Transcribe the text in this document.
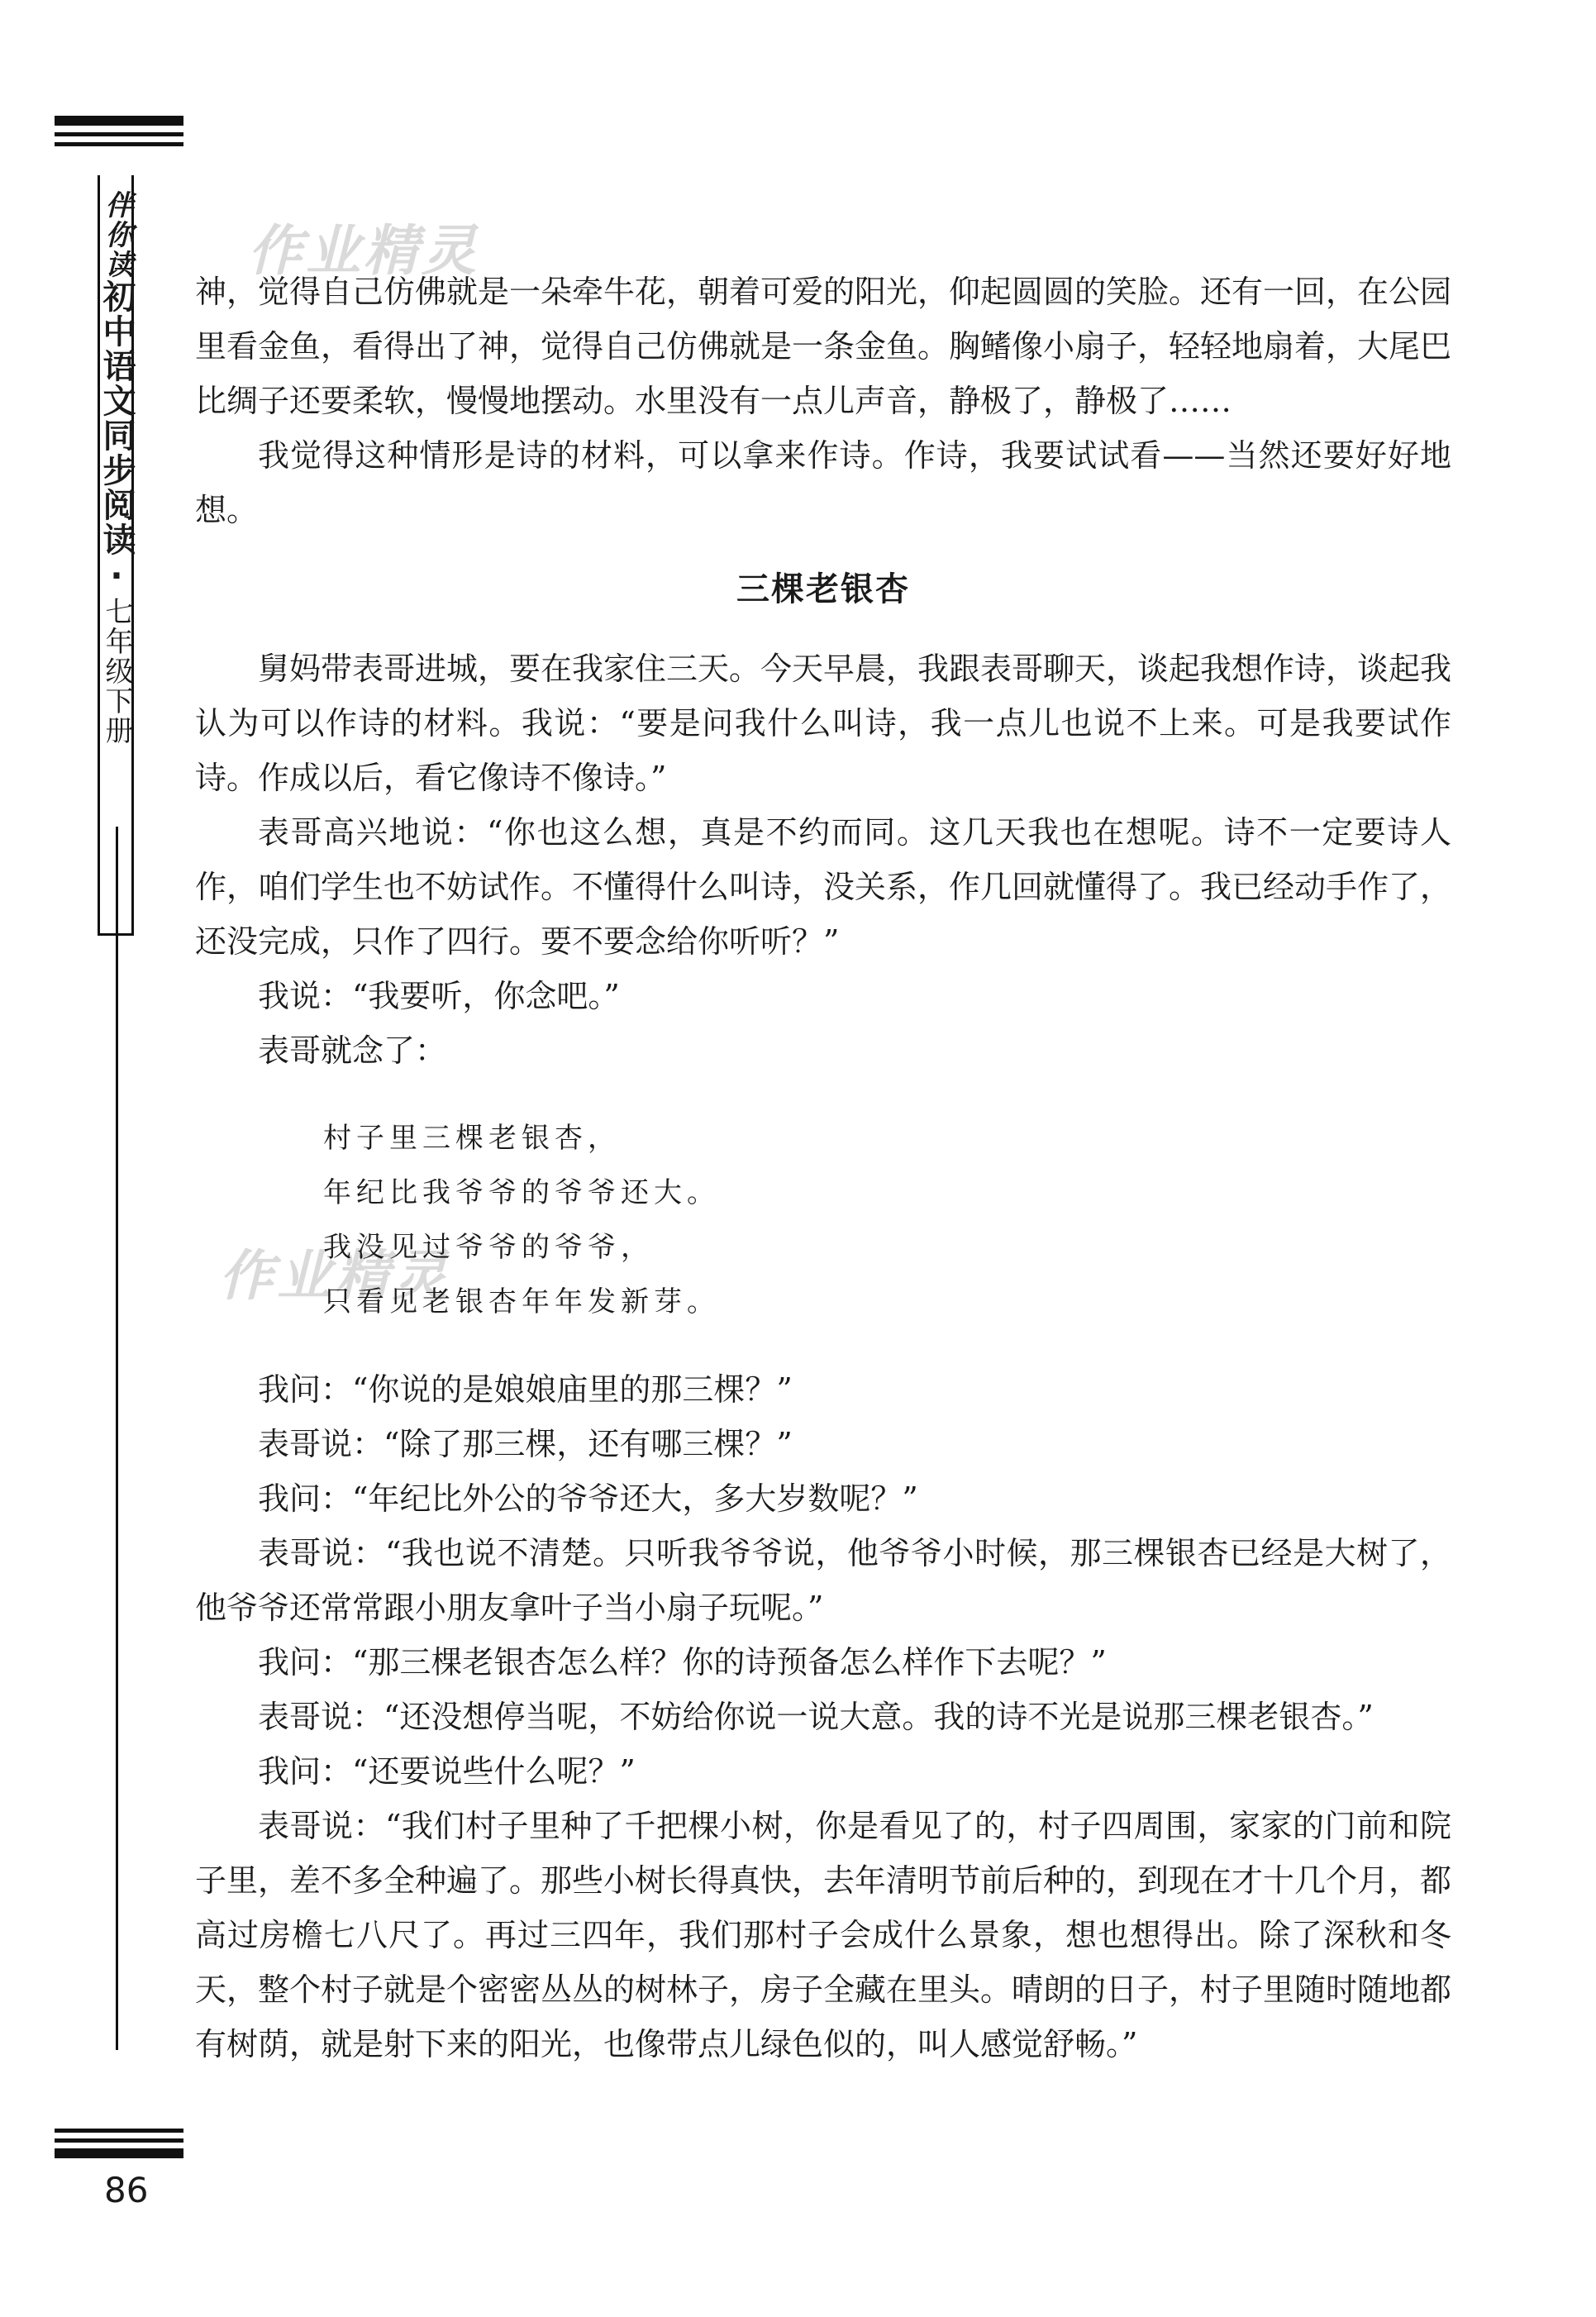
伴你读初中语文同步阅读·七年级下册
作业精灵
作业精灵

神，觉得自己仿佛就是一朵牵牛花，朝着可爱的阳光，仰起圆圆的笑脸。还有一回，在公园里看金鱼，看得出了神，觉得自己仿佛就是一条金鱼。胸鳍像小扇子，轻轻地扇着，大尾巴比绸子还要柔软，慢慢地摆动。水里没有一点儿声音，静极了，静极了……

我觉得这种情形是诗的材料，可以拿来作诗。作诗，我要试试看——当然还要好好地想。

三棵老银杏

舅妈带表哥进城，要在我家住三天。今天早晨，我跟表哥聊天，谈起我想作诗，谈起我认为可以作诗的材料。我说：“要是问我什么叫诗，我一点儿也说不上来。可是我要试作诗。作成以后，看它像诗不像诗。”

表哥高兴地说：“你也这么想，真是不约而同。这几天我也在想呢。诗不一定要诗人作，咱们学生也不妨试作。不懂得什么叫诗，没关系，作几回就懂得了。我已经动手作了，还没完成，只作了四行。要不要念给你听听？”

我说：“我要听，你念吧。”

表哥就念了：

村子里三棵老银杏，
年纪比我爷爷的爷爷还大。
我没见过爷爷的爷爷，
只看见老银杏年年发新芽。

我问：“你说的是娘娘庙里的那三棵？”

表哥说：“除了那三棵，还有哪三棵？”

我问：“年纪比外公的爷爷还大，多大岁数呢？”

表哥说：“我也说不清楚。只听我爷爷说，他爷爷小时候，那三棵银杏已经是大树了，他爷爷还常常跟小朋友拿叶子当小扇子玩呢。”

我问：“那三棵老银杏怎么样？你的诗预备怎么样作下去呢？”

表哥说：“还没想停当呢，不妨给你说一说大意。我的诗不光是说那三棵老银杏。”

我问：“还要说些什么呢？”

表哥说：“我们村子里种了千把棵小树，你是看见了的，村子四周围，家家的门前和院子里，差不多全种遍了。那些小树长得真快，去年清明节前后种的，到现在才十几个月，都高过房檐七八尺了。再过三四年，我们那村子会成什么景象，想也想得出。除了深秋和冬天，整个村子就是个密密丛丛的树林子，房子全藏在里头。晴朗的日子，村子里随时随地都有树荫，就是射下来的阳光，也像带点儿绿色似的，叫人感觉舒畅。”

86
